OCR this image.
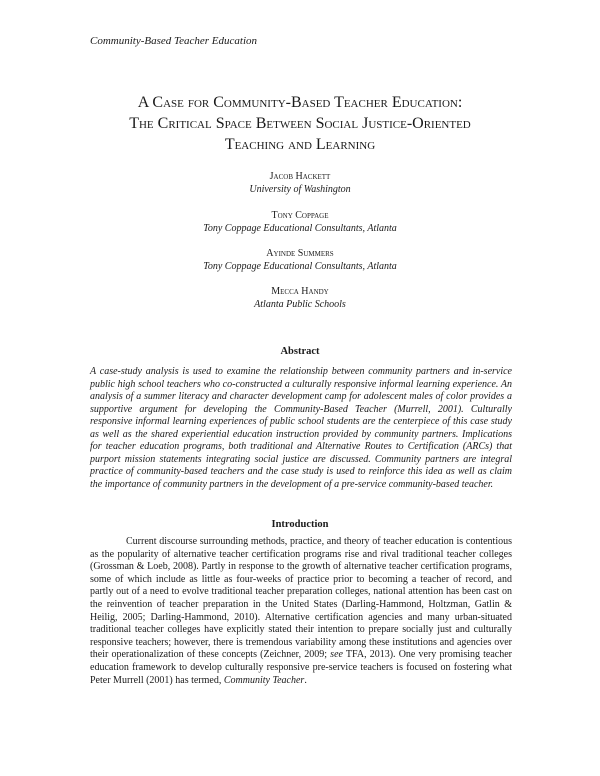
Community-Based Teacher Education
A Case for Community-Based Teacher Education:
The Critical Space Between Social Justice-Oriented
Teaching and Learning
Jacob Hackett
University of Washington
Tony Coppage
Tony Coppage Educational Consultants, Atlanta
Ayinde Summers
Tony Coppage Educational Consultants, Atlanta
Mecca Handy
Atlanta Public Schools
Abstract

A case-study analysis is used to examine the relationship between community partners and in-service public high school teachers who co-constructed a culturally responsive informal learning experience. An analysis of a summer literacy and character development camp for adolescent males of color provides a supportive argument for developing the Community-Based Teacher (Murrell, 2001). Culturally responsive informal learning experiences of public school students are the centerpiece of this case study as well as the shared experiential education instruction provided by community partners. Implications for teacher education programs, both traditional and Alternative Routes to Certification (ARCs) that purport mission statements integrating social justice are discussed. Community partners are integral practice of community-based teachers and the case study is used to reinforce this idea as well as claim the importance of community partners in the development of a pre-service community-based teacher.

Introduction

Current discourse surrounding methods, practice, and theory of teacher education is contentious as the popularity of alternative teacher certification programs rise and rival traditional teacher colleges (Grossman & Loeb, 2008). Partly in response to the growth of alternative teacher certification programs, some of which include as little as four-weeks of practice prior to becoming a teacher of record, and partly out of a need to evolve traditional teacher preparation colleges, national attention has been cast on the reinvention of teacher preparation in the United States (Darling-Hammond, Holtzman, Gatlin & Heilig, 2005; Darling-Hammond, 2010). Alternative certification agencies and many urban-situated traditional teacher colleges have explicitly stated their intention to prepare socially just and culturally responsive teachers; however, there is tremendous variability among these institutions and agencies over their operationalization of these concepts (Zeichner, 2009; see TFA, 2013). One very promising teacher education framework to develop culturally responsive pre-service teachers is focused on fostering what Peter Murrell (2001) has termed, Community Teacher.
